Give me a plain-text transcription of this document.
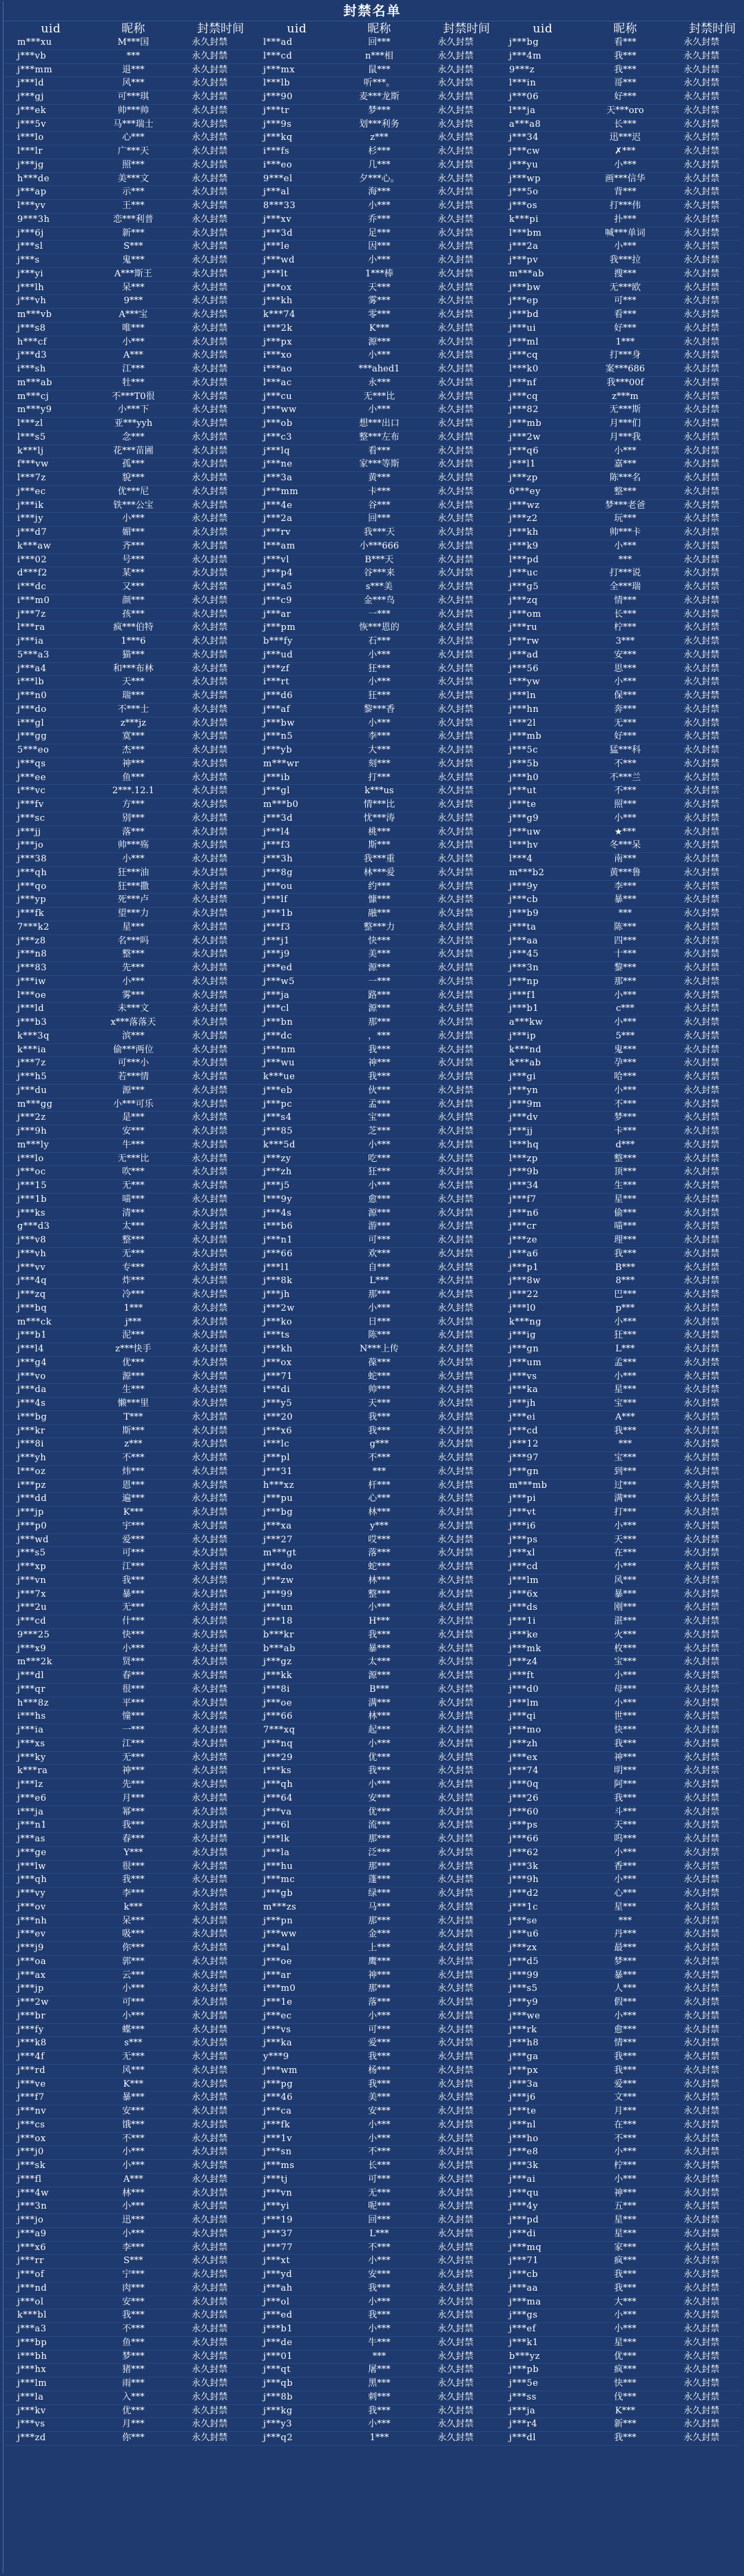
封禁名单
uid	昵称	封禁时间	uid	昵称	封禁时间	uid	昵称	封禁时间
m***xu	M***国	永久封禁	l***ad	回***	永久封禁	j***bg	看***	永久封禁
j***vb	***	永久封禁	l***cd	n***相	永久封禁	j***4m	我***	永久封禁
j***mm	退***	永久封禁	j***mx	鼠***	永久封禁	9***z	我***	永久封禁
j***ld	风***	永久封禁	l***lb	听***。	永久封禁	l***in	哥***	永久封禁
j***gj	可***琪	永久封禁	j***90	麦***龙斯	永久封禁	j***06	好***	永久封禁
j***ek	帅***帅	永久封禁	j***tr	梦***	永久封禁	l***ja	天***oro	永久封禁
j***5v	马***瑞士	永久封禁	j***9s	划***利务	永久封禁	a***a8	长***	永久封禁
i***lo	心***	永久封禁	j***kq	z***	永久封禁	j***34	迅***迟	永久封禁
l***lr	广***天	永久封禁	i***fs	杉***	永久封禁	j***cw	✗***	永久封禁
j***jg	照***	永久封禁	i***eo	几***	永久封禁	j***yu	小***	永久封禁
h***de	美***文	永久封禁	9***el	夕***心。	永久封禁	j***wp	画***信华	永久封禁
j***ap	示***	永久封禁	j***al	海***	永久封禁	j***5o	背***	永久封禁
l***yv	王***	永久封禁	8***33	小***	永久封禁	j***os	打***伟	永久封禁
9***3h	恋***利普	永久封禁	j***xv	乔***	永久封禁	k***pi	扑***	永久封禁
j***6j	新***	永久封禁	j***3d	足***	永久封禁	l***bm	喊***单词	永久封禁
j***sl	S***	永久封禁	j***le	因***	永久封禁	j***2a	小***	永久封禁
j***s	鬼***	永久封禁	j***wd	小***	永久封禁	j***pv	我***拉	永久封禁
j***yi	A***斯王	永久封禁	j***lt	1***棒	永久封禁	m***ab	搜***	永久封禁
j***lh	呆***	永久封禁	j***ox	天***	永久封禁	j***bw	无***欧	永久封禁
j***vh	9***	永久封禁	j***kh	雾***	永久封禁	j***ep	可***	永久封禁
m***vb	A***宝	永久封禁	k***74	零***	永久封禁	j***bd	看***	永久封禁
j***s8	唯***	永久封禁	i***2k	K***	永久封禁	j***ui	好***	永久封禁
h***cf	小***	永久封禁	j***px	源***	永久封禁	j***ml	1***	永久封禁
j***d3	A***	永久封禁	i***xo	小***	永久封禁	j***cq	打***身	永久封禁
i***sh	江***	永久封禁	i***ao	***ahed1	永久封禁	l***k0	案***686	永久封禁
m***ab	牡***	永久封禁	l***ac	永***	永久封禁	j***nf	我***00f	永久封禁
m***cj	不***T0很	永久封禁	j***cu	无***比	永久封禁	j***cq	z***m	永久封禁
m***y9	小***下	永久封禁	j***ww	小***	永久封禁	j***82	无***斯	永久封禁
l***zl	亚***yyh	永久封禁	j***ob	想***出口	永久封禁	j***mb	月***们	永久封禁
l***s5	念***	永久封禁	j***c3	整***左布	永久封禁	j***2w	月***我	永久封禁
k***lj	花***苗圃	永久封禁	j***lq	看***	永久封禁	j***q6	小***	永久封禁
f***vw	孤***	永久封禁	j***ne	家***等斯	永久封禁	j***l1	嘉***	永久封禁
l***7z	貌***	永久封禁	j***3a	黄***	永久封禁	j***zp	陈***名	永久封禁
j***ec	优***尼	永久封禁	j***mm	卡***	永久封禁	6***ey	整***	永久封禁
j***ik	铁***公宝	永久封禁	j***4e	谷***	永久封禁	j***wz	梦***老爸	永久封禁
i***jy	小***	永久封禁	j***2a	回***	永久封禁	j***z2	玩***	永久封禁
j***d7	媚***	永久封禁	j***rv	我***天	永久封禁	j***kh	帅***卡	永久封禁
k***aw	齐***	永久封禁	l***am	小***666	永久封禁	j***k9	小***	永久封禁
i***02	号***	永久封禁	j***vl	B***天	永久封禁	l***pd	***	永久封禁
d***f2	某***	永久封禁	j***p4	谷***来	永久封禁	j***uc	打***说	永久封禁
i***dc	又***	永久封禁	j***a5	s***美	永久封禁	j***g5	全***瑞	永久封禁
i***m0	颜***	永久封禁	j***c9	金***鸟	永久封禁	j***zq	情***	永久封禁
j***7z	孩***	永久封禁	j***ar	一***	永久封禁	j***om	长***	永久封禁
l***ra	疯***伯特	永久封禁	j***pm	恢***恩的	永久封禁	j***ru	柠***	永久封禁
j***ia	1***6	永久封禁	b***fy	石***	永久封禁	j***rw	3***	永久封禁
5***a3	猫***	永久封禁	j***ud	小***	永久封禁	j***ad	安***	永久封禁
j***a4	和***布林	永久封禁	j***zf	狂***	永久封禁	j***56	思***	永久封禁
i***lb	天***	永久封禁	i***rt	小***	永久封禁	i***yw	小***	永久封禁
j***n0	瑞***	永久封禁	j***d6	狂***	永久封禁	j***ln	保***	永久封禁
j***do	不***士	永久封禁	j***af	黎***香	永久封禁	j***hn	奔***	永久封禁
i***gl	z***jz	永久封禁	j***bw	小***	永久封禁	i***2l	无***	永久封禁
j***gg	寞***	永久封禁	j***n5	李***	永久封禁	j***mb	好***	永久封禁
5***eo	杰***	永久封禁	j***yb	大***	永久封禁	j***5c	猛***科	永久封禁
j***qs	神***	永久封禁	m***wr	刻***	永久封禁	j***5b	不***	永久封禁
j***ee	鱼***	永久封禁	j***ib	打***	永久封禁	j***h0	不***兰	永久封禁
i***vc	2***.12.1	永久封禁	j***gl	k***us	永久封禁	j***ut	不***	永久封禁
j***fv	方***	永久封禁	m***b0	情***比	永久封禁	j***te	照***	永久封禁
j***sc	别***	永久封禁	j***3d	忧***涛	永久封禁	j***g9	小***	永久封禁
j***jj	落***	永久封禁	j***l4	桃***	永久封禁	j***uw	★***	永久封禁
j***jo	帅***殇	永久封禁	j***f3	斯***	永久封禁	l***hv	冬***呆	永久封禁
j***38	小***	永久封禁	j***3h	我***重	永久封禁	l***4	南***	永久封禁
j***qh	狂***油	永久封禁	j***8g	林***爱	永久封禁	m***b2	黄***鲁	永久封禁
j***qo	狂***撒	永久封禁	j***ou	约***	永久封禁	j***9y	李***	永久封禁
j***yp	死***卢	永久封禁	j***lf	慷***	永久封禁	j***cb	暴***	永久封禁
j***fk	望***力	永久封禁	j***1b	融***	永久封禁	j***b9	***	永久封禁
7***k2	星***	永久封禁	j***f3	整***力	永久封禁	j***ta	陈***	永久封禁
j***z8	名***吗	永久封禁	j***j1	快***	永久封禁	j***aa	四***	永久封禁
j***n8	整***	永久封禁	j***j9	美***	永久封禁	j***45	十***	永久封禁
j***83	先***	永久封禁	j***ed	源***	永久封禁	j***3n	黎***	永久封禁
j***iw	小***	永久封禁	j***w5	一***	永久封禁	j***np	那***	永久封禁
l***oe	雾***	永久封禁	j***ja	路***	永久封禁	j***f1	小***	永久封禁
j***ld	未***文	永久封禁	j***cl	源***	永久封禁	j***b1	c***	永久封禁
j***b3	x***落落天	永久封禁	j***bn	那***	永久封禁	a***kw	小***	永久封禁
k***3q	滨***	永久封禁	j***dc	，***	永久封禁	j***ip	5***	永久封禁
k***ia	偷***两位	永久封禁	j***nm	我***	永久封禁	k***nd	鬼***	永久封禁
j***7z	可***小	永久封禁	j***wu	神***	永久封禁	k***ab	孕***	永久封禁
j***h5	若***情	永久封禁	k***ue	我***	永久封禁	j***gi	哈***	永久封禁
j***du	源***	永久封禁	j***eb	伙***	永久封禁	j***yn	小***	永久封禁
m***gg	小***可乐	永久封禁	j***pc	孟***	永久封禁	j***9m	不***	永久封禁
j***2z	是***	永久封禁	j***s4	宝***	永久封禁	j***dv	梦***	永久封禁
j***9h	安***	永久封禁	j***85	芝***	永久封禁	j***jj	卡***	永久封禁
m***ly	牛***	永久封禁	k***5d	小***	永久封禁	l***hq	d***	永久封禁
i***lo	无***比	永久封禁	j***zy	吃***	永久封禁	l***zp	整***	永久封禁
j***oc	吹***	永久封禁	j***zh	狂***	永久封禁	j***9b	顶***	永久封禁
j***15	无***	永久封禁	j***j5	小***	永久封禁	j***34	生***	永久封禁
j***1b	喵***	永久封禁	l***9y	愈***	永久封禁	j***f7	星***	永久封禁
j***ks	清***	永久封禁	j***4s	源***	永久封禁	j***n6	偷***	永久封禁
g***d3	太***	永久封禁	i***b6	游***	永久封禁	j***cr	喵***	永久封禁
j***v8	整***	永久封禁	j***n1	可***	永久封禁	j***ze	理***	永久封禁
j***vh	无***	永久封禁	j***66	欢***	永久封禁	j***a6	我***	永久封禁
j***vv	专***	永久封禁	j***l1	自***	永久封禁	j***p1	B***	永久封禁
j***4q	炸***	永久封禁	j***8k	L***	永久封禁	j***8w	8***	永久封禁
j***zq	冷***	永久封禁	j***jh	那***	永久封禁	j***22	巴***	永久封禁
j***bq	1***	永久封禁	j***2w	小***	永久封禁	j***l0	p***	永久封禁
m***ck	j***	永久封禁	j***ko	日***	永久封禁	k***ng	小***	永久封禁
j***b1	泥***	永久封禁	i***ts	陈***	永久封禁	j***ig	狂***	永久封禁
j***l4	z***快手	永久封禁	j***kh	N***上传	永久封禁	j***gn	L***	永久封禁
j***g4	优***	永久封禁	j***ox	葆***	永久封禁	j***um	孟***	永久封禁
j***vo	源***	永久封禁	j***71	蛇***	永久封禁	j***vs	小***	永久封禁
j***da	生***	永久封禁	i***di	帅***	永久封禁	j***ka	星***	永久封禁
j***4s	懒***里	永久封禁	j***y5	天***	永久封禁	j***jh	宝***	永久封禁
i***bg	T***	永久封禁	i***20	我***	永久封禁	j***ei	A***	永久封禁
j***kr	斯***	永久封禁	j***x6	我***	永久封禁	j***cd	我***	永久封禁
j***8i	z***	永久封禁	i***lc	g***	永久封禁	j***12	***	永久封禁
j***yh	不***	永久封禁	j***pl	不***	永久封禁	j***97	宝***	永久封禁
l***oz	炜***	永久封禁	j***31	***	永久封禁	j***gn	到***	永久封禁
i***pz	恩***	永久封禁	h***xz	杆***	永久封禁	m***mb	过***	永久封禁
j***dd	遍***	永久封禁	j***pu	心***	永久封禁	j***pi	满***	永久封禁
j***jp	K***	永久封禁	j***bg	林***	永久封禁	j***vt	打***	永久封禁
j***p0	宇***	永久封禁	j***xa	y***	永久封禁	j***i6	小***	永久封禁
j***wd	爱***	永久封禁	j***27	哎***	永久封禁	j***ps	天***	永久封禁
j***s5	可***	永久封禁	m***gt	落***	永久封禁	j***xl	在***	永久封禁
j***xp	江***	永久封禁	j***do	蛇***	永久封禁	j***cd	小***	永久封禁
j***vn	我***	永久封禁	j***zw	林***	永久封禁	j***lm	风***	永久封禁
j***7x	暴***	永久封禁	j***99	整***	永久封禁	j***6x	暴***	永久封禁
j***2u	无***	永久封禁	j***un	小***	永久封禁	j***ds	刚***	永久封禁
j***cd	什***	永久封禁	j***18	H***	永久封禁	j***1i	湛***	永久封禁
9***25	快***	永久封禁	b***kr	我***	永久封禁	j***ke	火***	永久封禁
j***x9	小***	永久封禁	b***ab	暴***	永久封禁	j***mk	枚***	永久封禁
m***2k	贤***	永久封禁	j***gz	太***	永久封禁	j***z4	宝***	永久封禁
j***dl	春***	永久封禁	j***kk	源***	永久封禁	j***ft	小***	永久封禁
j***qr	很***	永久封禁	j***8i	B***	永久封禁	j***d0	母***	永久封禁
h***8z	平***	永久封禁	j***oe	满***	永久封禁	j***lm	小***	永久封禁
i***hs	憧***	永久封禁	j***66	林***	永久封禁	j***qi	世***	永久封禁
j***ia	一***	永久封禁	7***xq	起***	永久封禁	j***mo	快***	永久封禁
j***xs	江***	永久封禁	j***nq	小***	永久封禁	j***zh	我***	永久封禁
j***ky	无***	永久封禁	j***29	优***	永久封禁	j***ex	神***	永久封禁
k***ra	神***	永久封禁	i***ks	我***	永久封禁	j***74	明***	永久封禁
j***lz	先***	永久封禁	j***qh	小***	永久封禁	j***0q	阿***	永久封禁
j***e6	月***	永久封禁	j***64	安***	永久封禁	j***26	我***	永久封禁
i***ja	幂***	永久封禁	j***va	优***	永久封禁	j***60	斗***	永久封禁
j***n1	我***	永久封禁	j***6l	流***	永久封禁	j***ps	天***	永久封禁
j***as	春***	永久封禁	j***lk	那***	永久封禁	j***66	呜***	永久封禁
j***ge	Y***	永久封禁	j***la	泛***	永久封禁	j***62	小***	永久封禁
j***lw	很***	永久封禁	j***hu	那***	永久封禁	j***3k	香***	永久封禁
j***qh	我***	永久封禁	j***mc	蓬***	永久封禁	j***9h	小***	永久封禁
j***vy	李***	永久封禁	j***gb	绿***	永久封禁	j***d2	心***	永久封禁
j***ov	k***	永久封禁	m***zs	马***	永久封禁	j***1c	星***	永久封禁
j***nh	呆***	永久封禁	j***pn	那***	永久封禁	j***se	***	永久封禁
j***ev	吸***	永久封禁	j***ww	金***	永久封禁	j***u6	丹***	永久封禁
j***j9	你***	永久封禁	j***al	上***	永久封禁	j***zx	最***	永久封禁
j***oa	郭***	永久封禁	j***oe	鹰***	永久封禁	j***d5	梦***	永久封禁
j***ax	云***	永久封禁	j***ar	神***	永久封禁	j***99	暴***	永久封禁
j***jp	小***	永久封禁	i***m0	那***	永久封禁	j***s5	人***	永久封禁
j***2w	可***	永久封禁	j***1e	落***	永久封禁	j***y9	假***	永久封禁
j***br	小***	永久封禁	j***ec	小***	永久封禁	j***we	小***	永久封禁
j***fy	蝶***	永久封禁	j***vs	可***	永久封禁	j***rk	愈***	永久封禁
j***k8	s***	永久封禁	j***ka	爱***	永久封禁	j***h8	情***	永久封禁
j***4f	无***	永久封禁	y***9	我***	永久封禁	j***ga	我***	永久封禁
j***rd	风***	永久封禁	j***wm	杨***	永久封禁	j***px	我***	永久封禁
j***ve	K***	永久封禁	j***pg	我***	永久封禁	j***3a	爱***	永久封禁
j***f7	暴***	永久封禁	j***46	美***	永久封禁	j***j6	文***	永久封禁
j***nv	安***	永久封禁	j***ca	安***	永久封禁	j***te	月***	永久封禁
j***cs	饿***	永久封禁	j***fk	小***	永久封禁	j***nl	在***	永久封禁
j***ox	不***	永久封禁	j***1v	小***	永久封禁	j***ho	不***	永久封禁
j***j0	小***	永久封禁	j***sn	不***	永久封禁	j***e8	小***	永久封禁
j***sk	小***	永久封禁	j***ms	长***	永久封禁	j***3k	柠***	永久封禁
j***fl	A***	永久封禁	j***tj	可***	永久封禁	j***ai	小***	永久封禁
j***4w	林***	永久封禁	j***vn	无***	永久封禁	j***qu	神***	永久封禁
j***3n	小***	永久封禁	j***yi	呢***	永久封禁	j***4y	五***	永久封禁
j***jo	迅***	永久封禁	j***19	回***	永久封禁	j***pd	星***	永久封禁
j***a9	小***	永久封禁	j***37	L***	永久封禁	j***di	星***	永久封禁
j***x6	李***	永久封禁	j***77	不***	永久封禁	j***mq	家***	永久封禁
j***rr	S***	永久封禁	j***xt	小***	永久封禁	j***71	疯***	永久封禁
j***of	宁***	永久封禁	j***yd	安***	永久封禁	j***cb	我***	永久封禁
j***nd	肉***	永久封禁	j***ah	我***	永久封禁	j***aa	我***	永久封禁
j***ol	安***	永久封禁	j***ol	小***	永久封禁	j***ma	大***	永久封禁
k***bl	我***	永久封禁	j***ed	我***	永久封禁	j***gs	小***	永久封禁
j***a3	不***	永久封禁	j***b1	小***	永久封禁	j***ef	小***	永久封禁
j***bp	鱼***	永久封禁	j***de	牛***	永久封禁	j***k1	星***	永久封禁
i***bh	梦***	永久封禁	j***01	***	永久封禁	b***yz	优***	永久封禁
j***hx	猪***	永久封禁	j***qt	屠***	永久封禁	j***pb	疯***	永久封禁
j***lm	雨***	永久封禁	j***qb	黑***	永久封禁	j***5e	快***	永久封禁
j***la	入***	永久封禁	j***8b	刺***	永久封禁	j***ss	伐***	永久封禁
j***kv	优***	永久封禁	j***kg	我***	永久封禁	j***ja	K***	永久封禁
j***vs	月***	永久封禁	j***y3	小***	永久封禁	j***r4	新***	永久封禁
j***zd	你***	永久封禁	j***q2	1***	永久封禁	j***dl	我***	永久封禁
